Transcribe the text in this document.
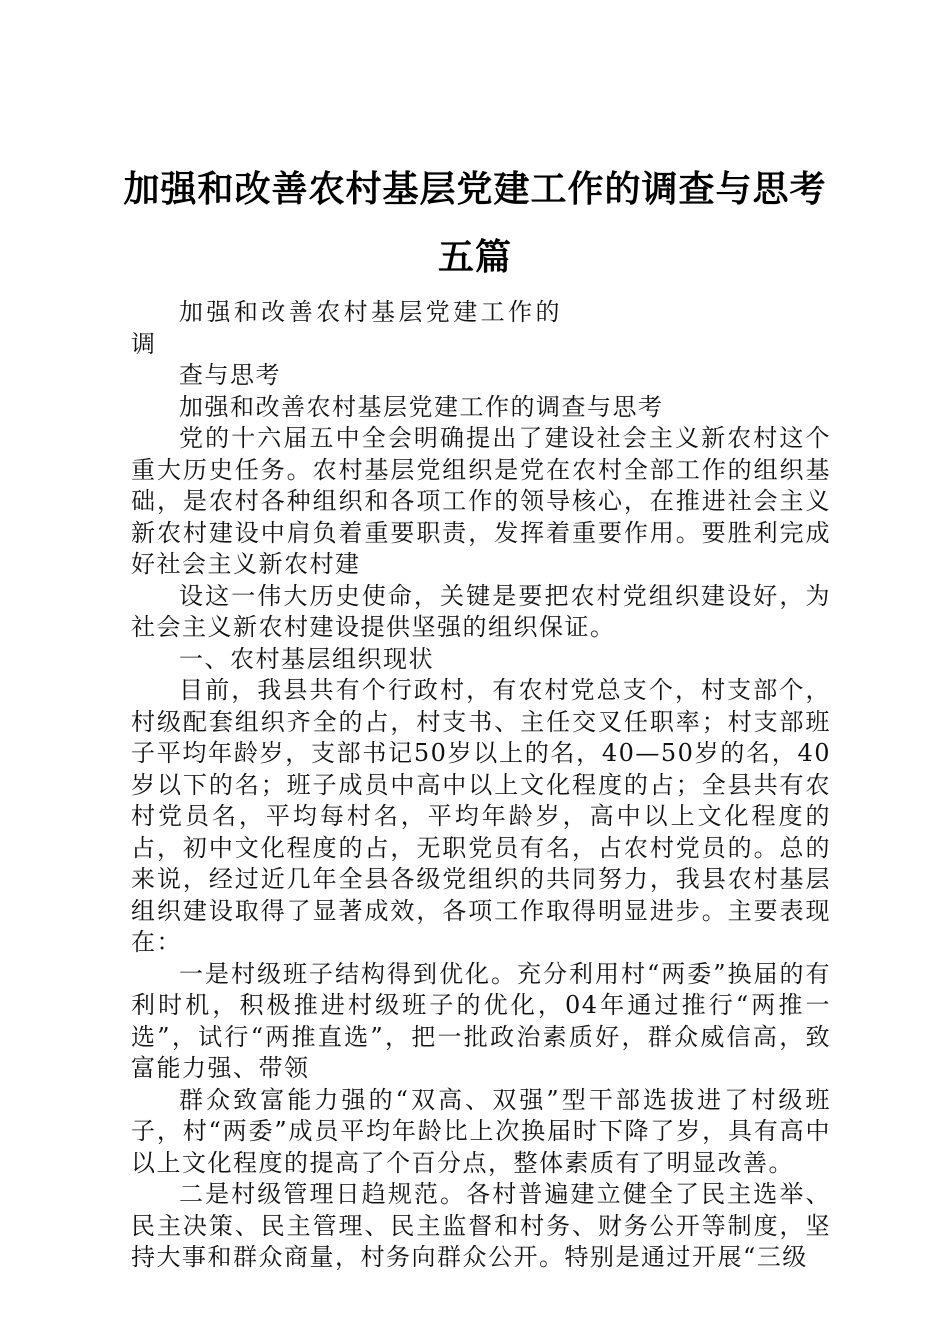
加强和改善农村基层党建工作的调查与思考五篇

加强和改善农村基层党建工作的调

查与思考

加强和改善农村基层党建工作的调查与思考

党的十六届五中全会明确提出了建设社会主义新农村这个重大历史任务。农村基层党组织是党在农村全部工作的组织基础，是农村各种组织和各项工作的领导核心，在推进社会主义新农村建设中肩负着重要职责，发挥着重要作用。要胜利完成好社会主义新农村建

设这一伟大历史使命，关键是要把农村党组织建设好，为社会主义新农村建设提供坚强的组织保证。

一、农村基层组织现状

目前，我县共有个行政村，有农村党总支个，村支部个，村级配套组织齐全的占，村支书、主任交叉任职率；村支部班子平均年龄岁，支部书记50岁以上的名，40—50岁的名，40岁以下的名；班子成员中高中以上文化程度的占；全县共有农村党员名，平均每村名，平均年龄岁，高中以上文化程度的占，初中文化程度的占，无职党员有名，占农村党员的。总的来说，经过近几年全县各级党组织的共同努力，我县农村基层组织建设取得了显著成效，各项工作取得明显进步。主要表现在：

一是村级班子结构得到优化。充分利用村“两委”换届的有利时机，积极推进村级班子的优化，04年通过推行“两推一选”，试行“两推直选”，把一批政治素质好，群众威信高，致富能力强、带领

群众致富能力强的“双高、双强”型干部选拔进了村级班子，村“两委”成员平均年龄比上次换届时下降了岁，具有高中以上文化程度的提高了个百分点，整体素质有了明显改善。

二是村级管理日趋规范。各村普遍建立健全了民主选举、民主决策、民主管理、民主监督和村务、财务公开等制度，坚持大事和群众商量，村务向群众公开。特别是通过开展“三级
